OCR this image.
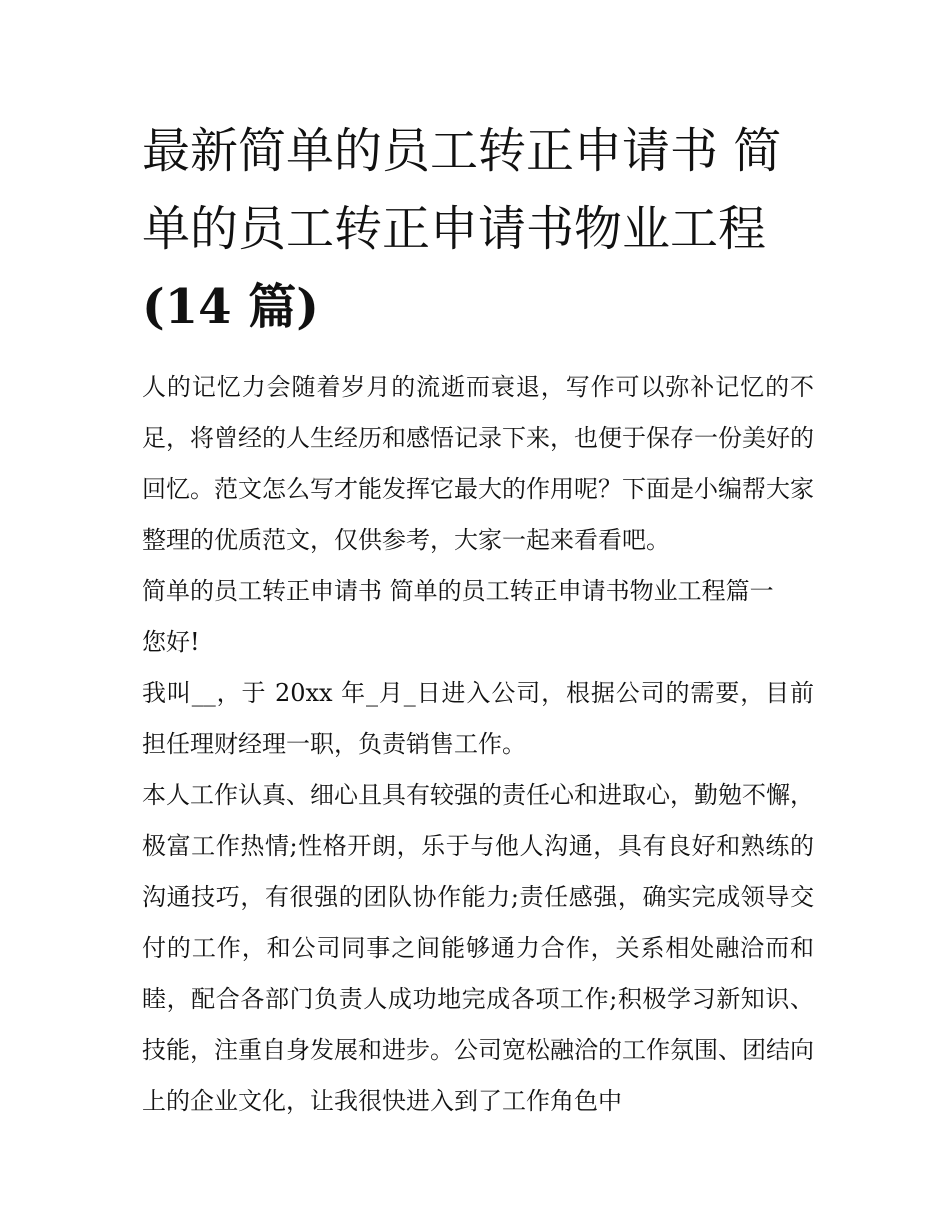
最新简单的员工转正申请书 简单的员工转正申请书物业工程
(14 篇)

人的记忆力会随着岁月的流逝而衰退，写作可以弥补记忆的不足，将曾经的人生经历和感悟记录下来，也便于保存一份美好的回忆。范文怎么写才能发挥它最大的作用呢？下面是小编帮大家整理的优质范文，仅供参考，大家一起来看看吧。

简单的员工转正申请书 简单的员工转正申请书物业工程篇一

您好!

我叫__，于 20xx 年_月_日进入公司，根据公司的需要，目前担任理财经理一职，负责销售工作。

本人工作认真、细心且具有较强的责任心和进取心，勤勉不懈，极富工作热情;性格开朗，乐于与他人沟通，具有良好和熟练的沟通技巧，有很强的团队协作能力;责任感强，确实完成领导交付的工作，和公司同事之间能够通力合作，关系相处融洽而和睦，配合各部门负责人成功地完成各项工作;积极学习新知识、技能，注重自身发展和进步。公司宽松融洽的工作氛围、团结向上的企业文化，让我很快进入到了工作角色中
